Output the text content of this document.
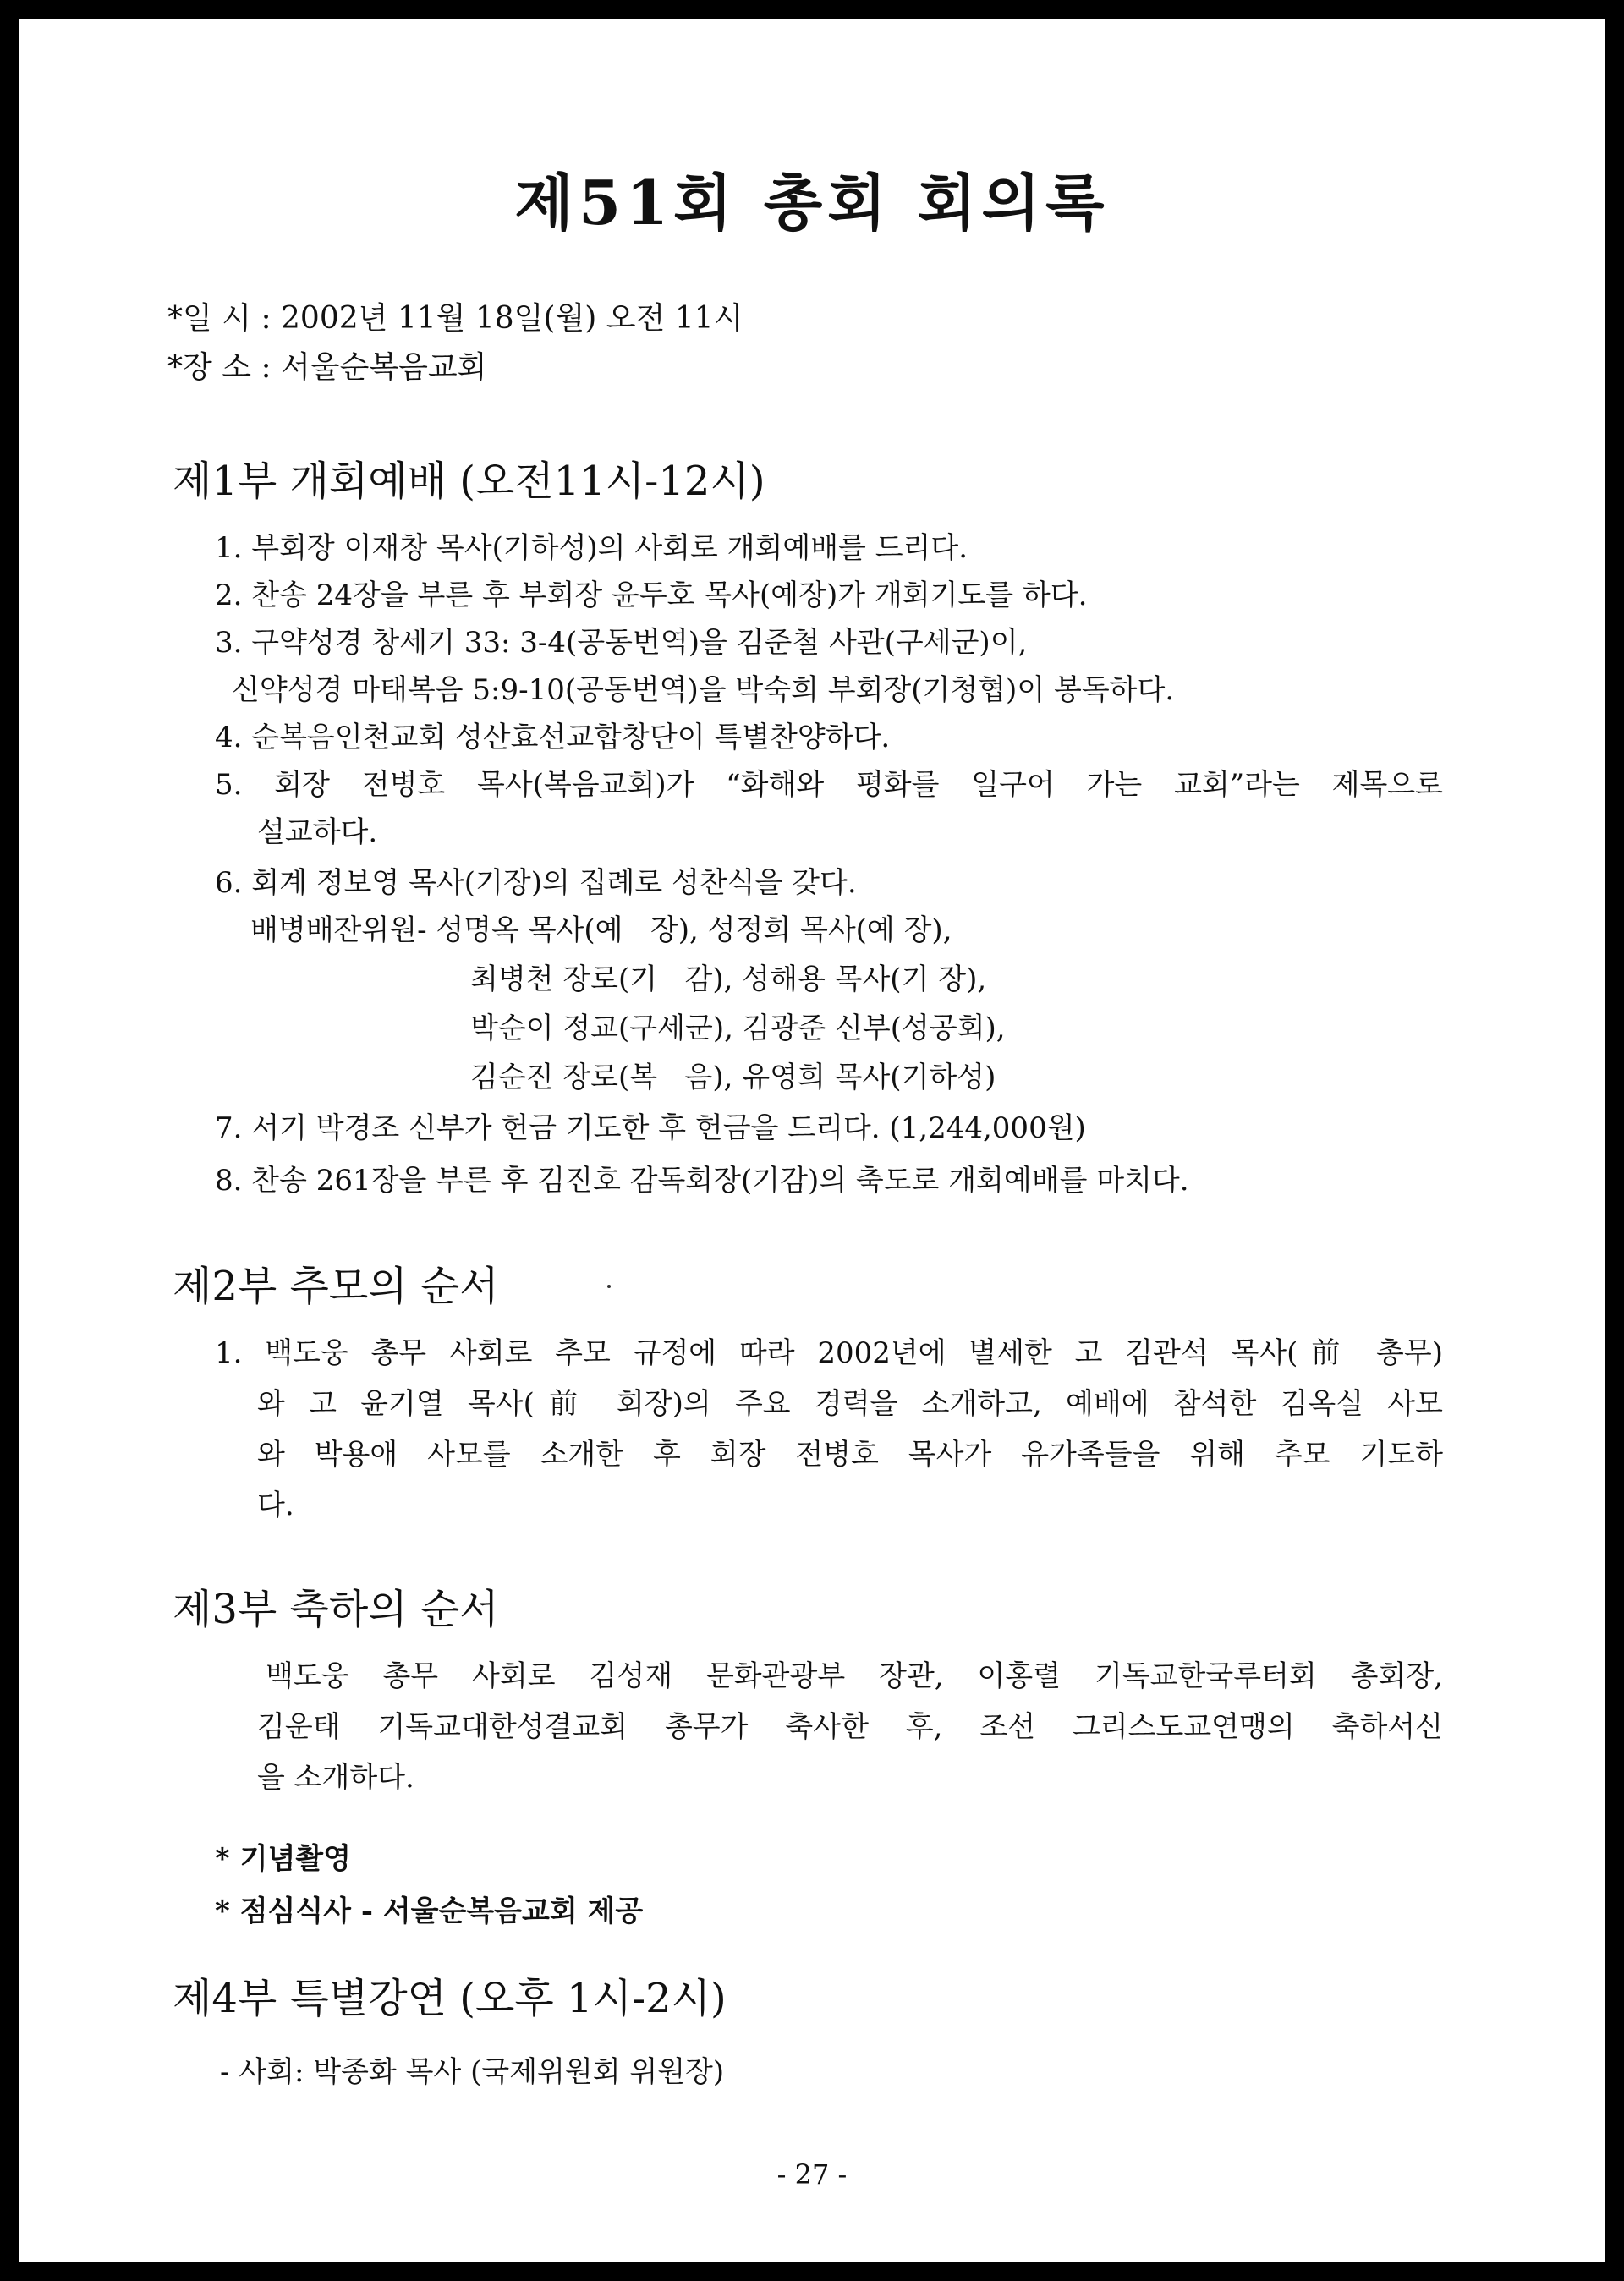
제51회 총회 회의록
*일 시 : 2002년 11월 18일(월) 오전 11시
*장 소 : 서울순복음교회
제1부 개회예배 (오전11시-12시)
1. 부회장 이재창 목사(기하성)의 사회로 개회예배를 드리다.
2. 찬송 24장을 부른 후 부회장 윤두호 목사(예장)가 개회기도를 하다.
3. 구약성경 창세기 33: 3-4(공동번역)을 김준철 사관(구세군)이,
신약성경 마태복음 5:9-10(공동번역)을 박숙희 부회장(기청협)이 봉독하다.
4. 순복음인천교회 성산효선교합창단이 특별찬양하다.
5. 회장 전병호 목사(복음교회)가 “화해와 평화를 일구어 가는 교회”라는 제목으로
설교하다.
6. 회계 정보영 목사(기장)의 집례로 성찬식을 갖다.
배병배잔위원- 성명옥 목사(예   장), 성정희 목사(예 장),
최병천 장로(기   감), 성해용 목사(기 장),
박순이 정교(구세군), 김광준 신부(성공회),
김순진 장로(복   음), 유영희 목사(기하성)
7. 서기 박경조 신부가 헌금 기도한 후 헌금을 드리다. (1,244,000원)
8. 찬송 261장을 부른 후 김진호 감독회장(기감)의 축도로 개회예배를 마치다.
제2부 추모의 순서
1. 백도웅 총무 사회로 추모 규정에 따라 2002년에 별세한 고 김관석 목사(前 총무)
와 고 윤기열 목사(前 회장)의 주요 경력을 소개하고, 예배에 참석한 김옥실 사모
와 박용애 사모를 소개한 후 회장 전병호 목사가 유가족들을 위해 추모 기도하
다.
제3부 축하의 순서
백도웅 총무 사회로 김성재 문화관광부 장관, 이홍렬 기독교한국루터회 총회장,
김운태 기독교대한성결교회 총무가 축사한 후, 조선 그리스도교연맹의 축하서신
을 소개하다.
* 기념촬영
* 점심식사 - 서울순복음교회 제공
제4부 특별강연 (오후 1시-2시)
- 사회: 박종화 목사 (국제위원회 위원장)
- 27 -
